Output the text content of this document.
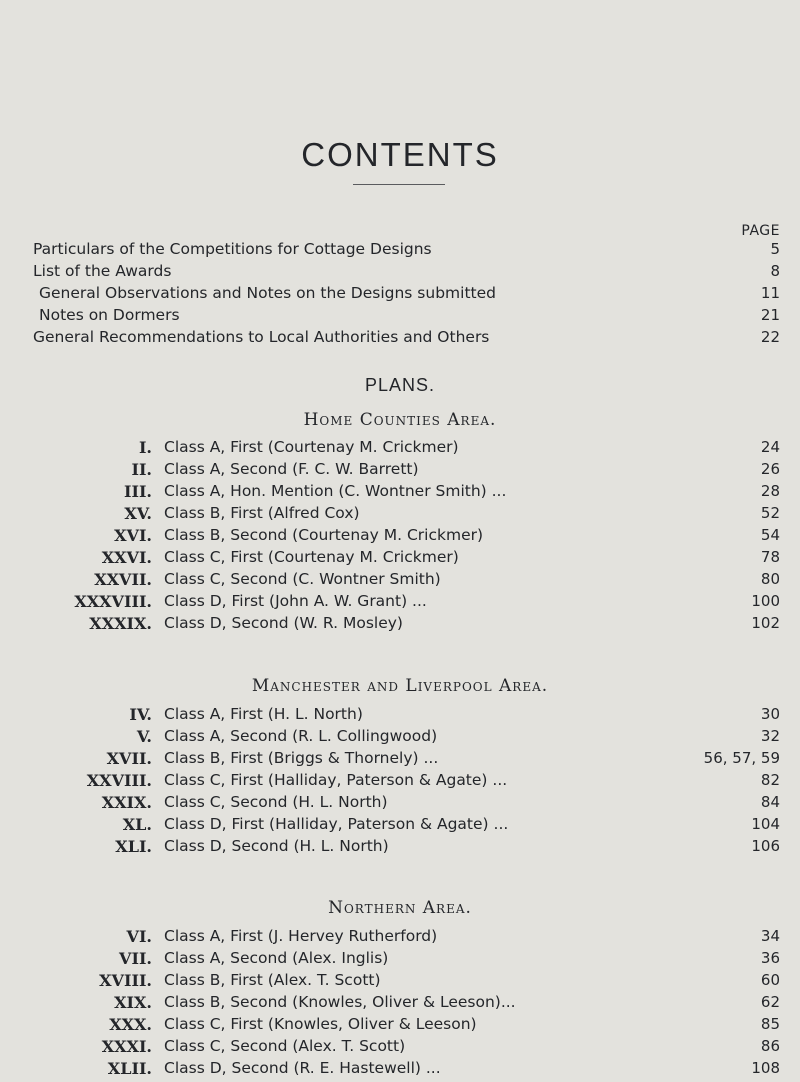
CONTENTS
PAGE
Particulars of the Competitions for Cottage Designs	5
List of the Awards	8
General Observations and Notes on the Designs submitted	11
Notes on Dormers	21
General Recommendations to Local Authorities and Others	22
PLANS.
Home Counties Area.
I. Class A, First (Courtenay M. Crickmer)	24
II. Class A, Second (F. C. W. Barrett)	26
III. Class A, Hon. Mention (C. Wontner Smith) ...	28
XV. Class B, First (Alfred Cox)	52
XVI. Class B, Second (Courtenay M. Crickmer)	54
XXVI. Class C, First (Courtenay M. Crickmer)	78
XXVII. Class C, Second (C. Wontner Smith)	80
XXXVIII. Class D, First (John A. W. Grant) ...	100
XXXIX. Class D, Second (W. R. Mosley)	102
Manchester and Liverpool Area.
IV. Class A, First (H. L. North)	30
V. Class A, Second (R. L. Collingwood)	32
XVII. Class B, First (Briggs & Thornely) ...	56, 57, 59
XXVIII. Class C, First (Halliday, Paterson & Agate) ...	82
XXIX. Class C, Second (H. L. North)	84
XL. Class D, First (Halliday, Paterson & Agate) ...	104
XLI. Class D, Second (H. L. North)	106
Northern Area.
VI. Class A, First (J. Hervey Rutherford)	34
VII. Class A, Second (Alex. Inglis)	36
XVIII. Class B, First (Alex. T. Scott)	60
XIX. Class B, Second (Knowles, Oliver & Leeson)...	62
XXX. Class C, First (Knowles, Oliver & Leeson)	85
XXXI. Class C, Second (Alex. T. Scott)	86
XLII. Class D, Second (R. E. Hastewell) ...	108
